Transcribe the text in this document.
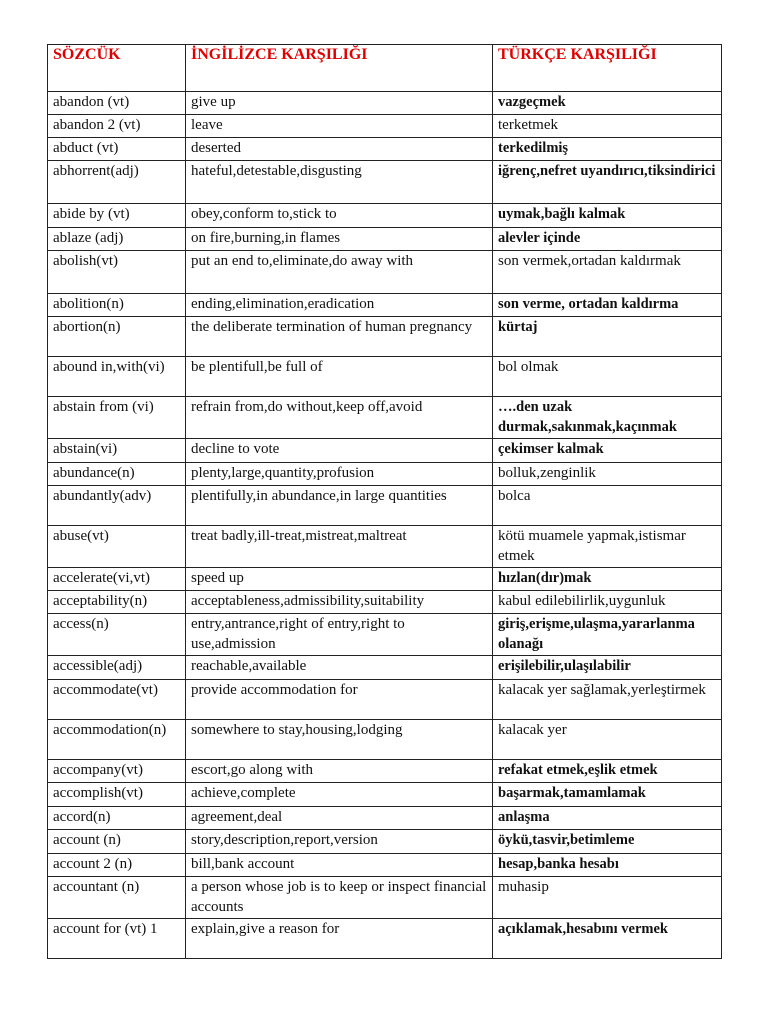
SÖZCÜK	İNGİLİZCE KARŞILIĞI	TÜRKÇE KARŞILIĞI
abandon (vt)	give up	vazgeçmek
abandon 2 (vt)	leave	terketmek
abduct (vt)	deserted	terkedilmiş
abhorrent(adj)	hateful,detestable,disgusting	iğrenç,nefret uyandırıcı,tiksindirici
abide by (vt)	obey,conform to,stick to	uymak,bağlı kalmak
ablaze (adj)	on fire,burning,in flames	alevler içinde
abolish(vt)	put an end to,eliminate,do away with	son vermek,ortadan kaldırmak
abolition(n)	ending,elimination,eradication	son verme, ortadan kaldırma
abortion(n)	the deliberate termination of human pregnancy	kürtaj
abound in,with(vi)	be plentifull,be full of	bol olmak
abstain from (vi)	refrain from,do without,keep off,avoid	….den uzak durmak,sakınmak,kaçınmak
abstain(vi)	decline to vote	çekimser kalmak
abundance(n)	plenty,large,quantity,profusion	bolluk,zenginlik
abundantly(adv)	plentifully,in abundance,in large quantities	bolca
abuse(vt)	treat badly,ill-treat,mistreat,maltreat	kötü muamele yapmak,istismar etmek
accelerate(vi,vt)	speed up	hızlan(dır)mak
acceptability(n)	acceptableness,admissibility,suitability	kabul edilebilirlik,uygunluk
access(n)	entry,antrance,right of entry,right to use,admission	giriş,erişme,ulaşma,yararlanma olanağı
accessible(adj)	reachable,available	erişilebilir,ulaşılabilir
accommodate(vt)	provide accommodation for	kalacak yer sağlamak,yerleştirmek
accommodation(n)	somewhere to stay,housing,lodging	kalacak yer
accompany(vt)	escort,go along with	refakat etmek,eşlik etmek
accomplish(vt)	achieve,complete	başarmak,tamamlamak
accord(n)	agreement,deal	anlaşma
account (n)	story,description,report,version	öykü,tasvir,betimleme
account 2 (n)	bill,bank account	hesap,banka hesabı
accountant (n)	a person whose job is to keep or inspect financial accounts	muhasip
account for (vt) 1	explain,give a reason for	açıklamak,hesabını vermek
